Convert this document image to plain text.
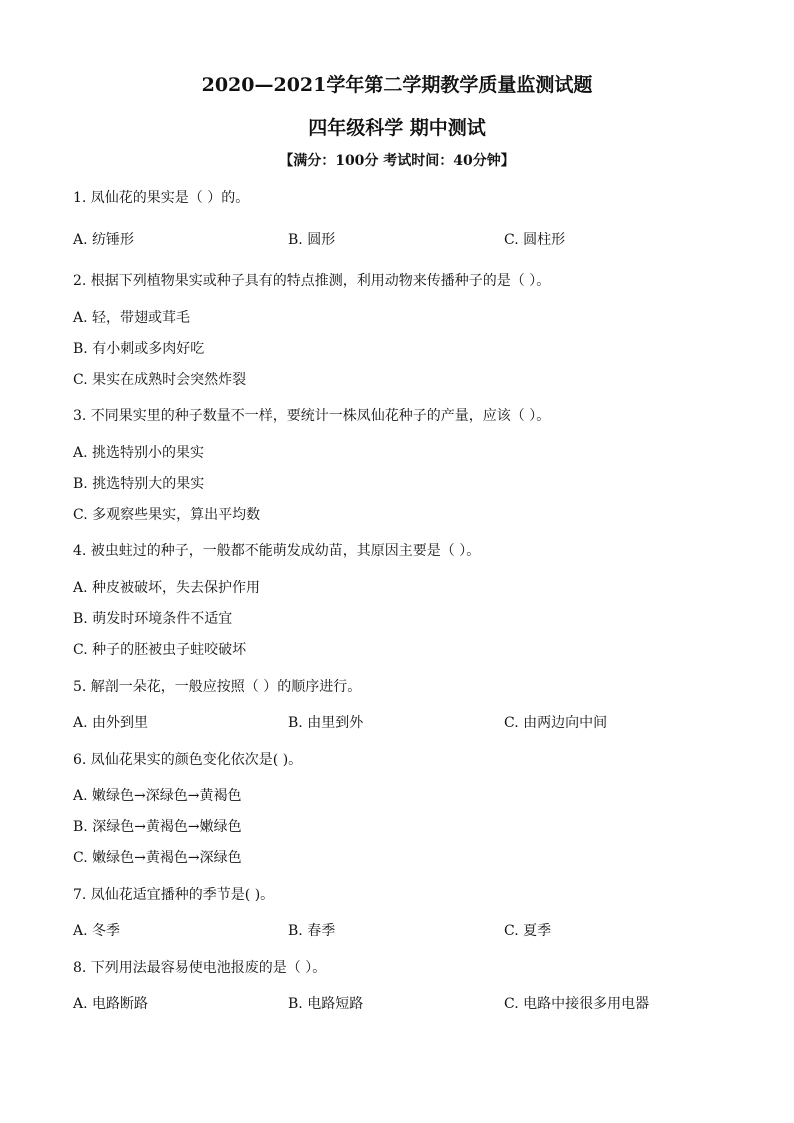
2020—2021学年第二学期教学质量监测试题
四年级科学 期中测试
【满分：100分 考试时间：40分钟】
1. 凤仙花的果实是（ ）的。
A. 纺锤形	B. 圆形	C. 圆柱形
2. 根据下列植物果实或种子具有的特点推测，利用动物来传播种子的是（ ）。
A. 轻，带翅或茸毛
B. 有小刺或多肉好吃
C. 果实在成熟时会突然炸裂
3. 不同果实里的种子数量不一样，要统计一株凤仙花种子的产量，应该（ ）。
A. 挑选特别小的果实
B. 挑选特别大的果实
C. 多观察些果实，算出平均数
4. 被虫蛀过的种子，一般都不能萌发成幼苗，其原因主要是（ ）。
A. 种皮被破坏，失去保护作用
B. 萌发时环境条件不适宜
C. 种子的胚被虫子蛀咬破坏
5. 解剖一朵花，一般应按照（ ）的顺序进行。
A. 由外到里	B. 由里到外	C. 由两边向中间
6. 凤仙花果实的颜色变化依次是( )。
A. 嫩绿色→深绿色→黄褐色
B. 深绿色→黄褐色→嫩绿色
C. 嫩绿色→黄褐色→深绿色
7. 凤仙花适宜播种的季节是( )。
A. 冬季	B. 春季	C. 夏季
8. 下列用法最容易使电池报废的是（ ）。
A. 电路断路	B. 电路短路	C. 电路中接很多用电器
